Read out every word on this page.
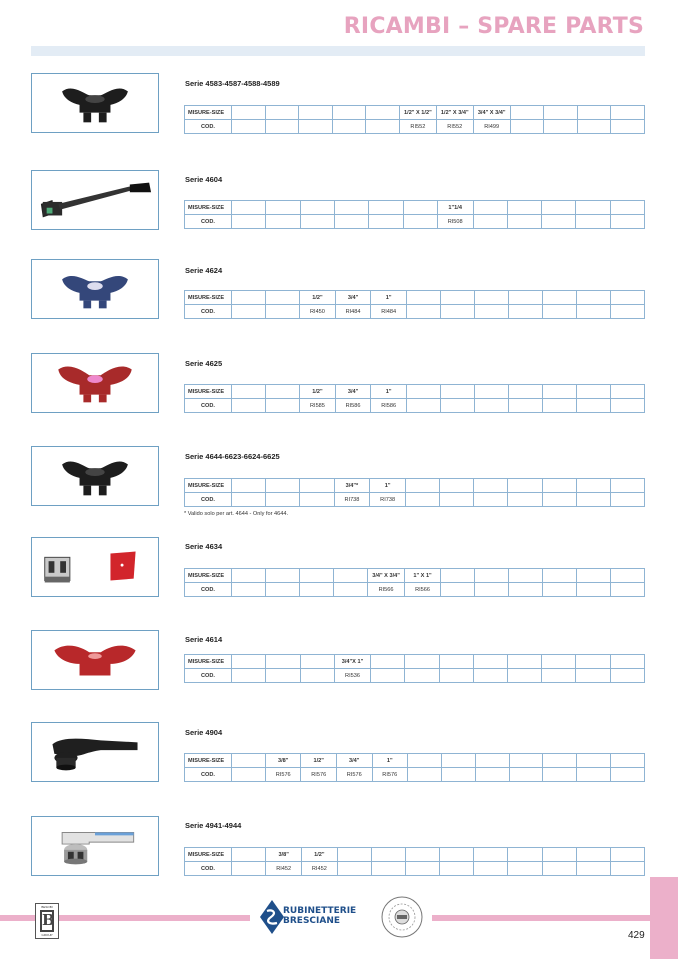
RICAMBI – SPARE PARTS
Serie 4583-4587-4588-4589
MISURE-SIZE						1/2" X 1/2"	1/2" X 3/4"	3/4" X 3/4"				
COD.						RI552	RI552	RI499				
Serie 4604
MISURE-SIZE							1"1/4					
COD.							RI508					
Serie 4624
MISURE-SIZE			1/2"	3/4"	1"							
COD.			RI450	RI484	RI484							
Serie 4625
MISURE-SIZE			1/2"	3/4"	1"							
COD.			RI585	RI586	RI586							
Serie 4644-6623-6624-6625
MISURE-SIZE				3/4"*	1"							
COD.				RI738	RI738							
Serie 4634
MISURE-SIZE					3/4" X 3/4"	1" X 1"						
COD.					RI566	RI566						
Serie 4614
MISURE-SIZE				3/4"X 1"								
COD.				RI536								
Serie 4904
MISURE-SIZE		3/8"	1/2"	3/4"	1"							
COD.		RI576	RI576	RI576	RI576							
Serie 4941-4944
MISURE-SIZE		3/8"	1/2"									
COD.		RI452	RI452									
* Valido solo per art. 4644 - Only for 4644.
429
BESOBI
B
GROUP
RUBINETTERIE
BRESCIANE
